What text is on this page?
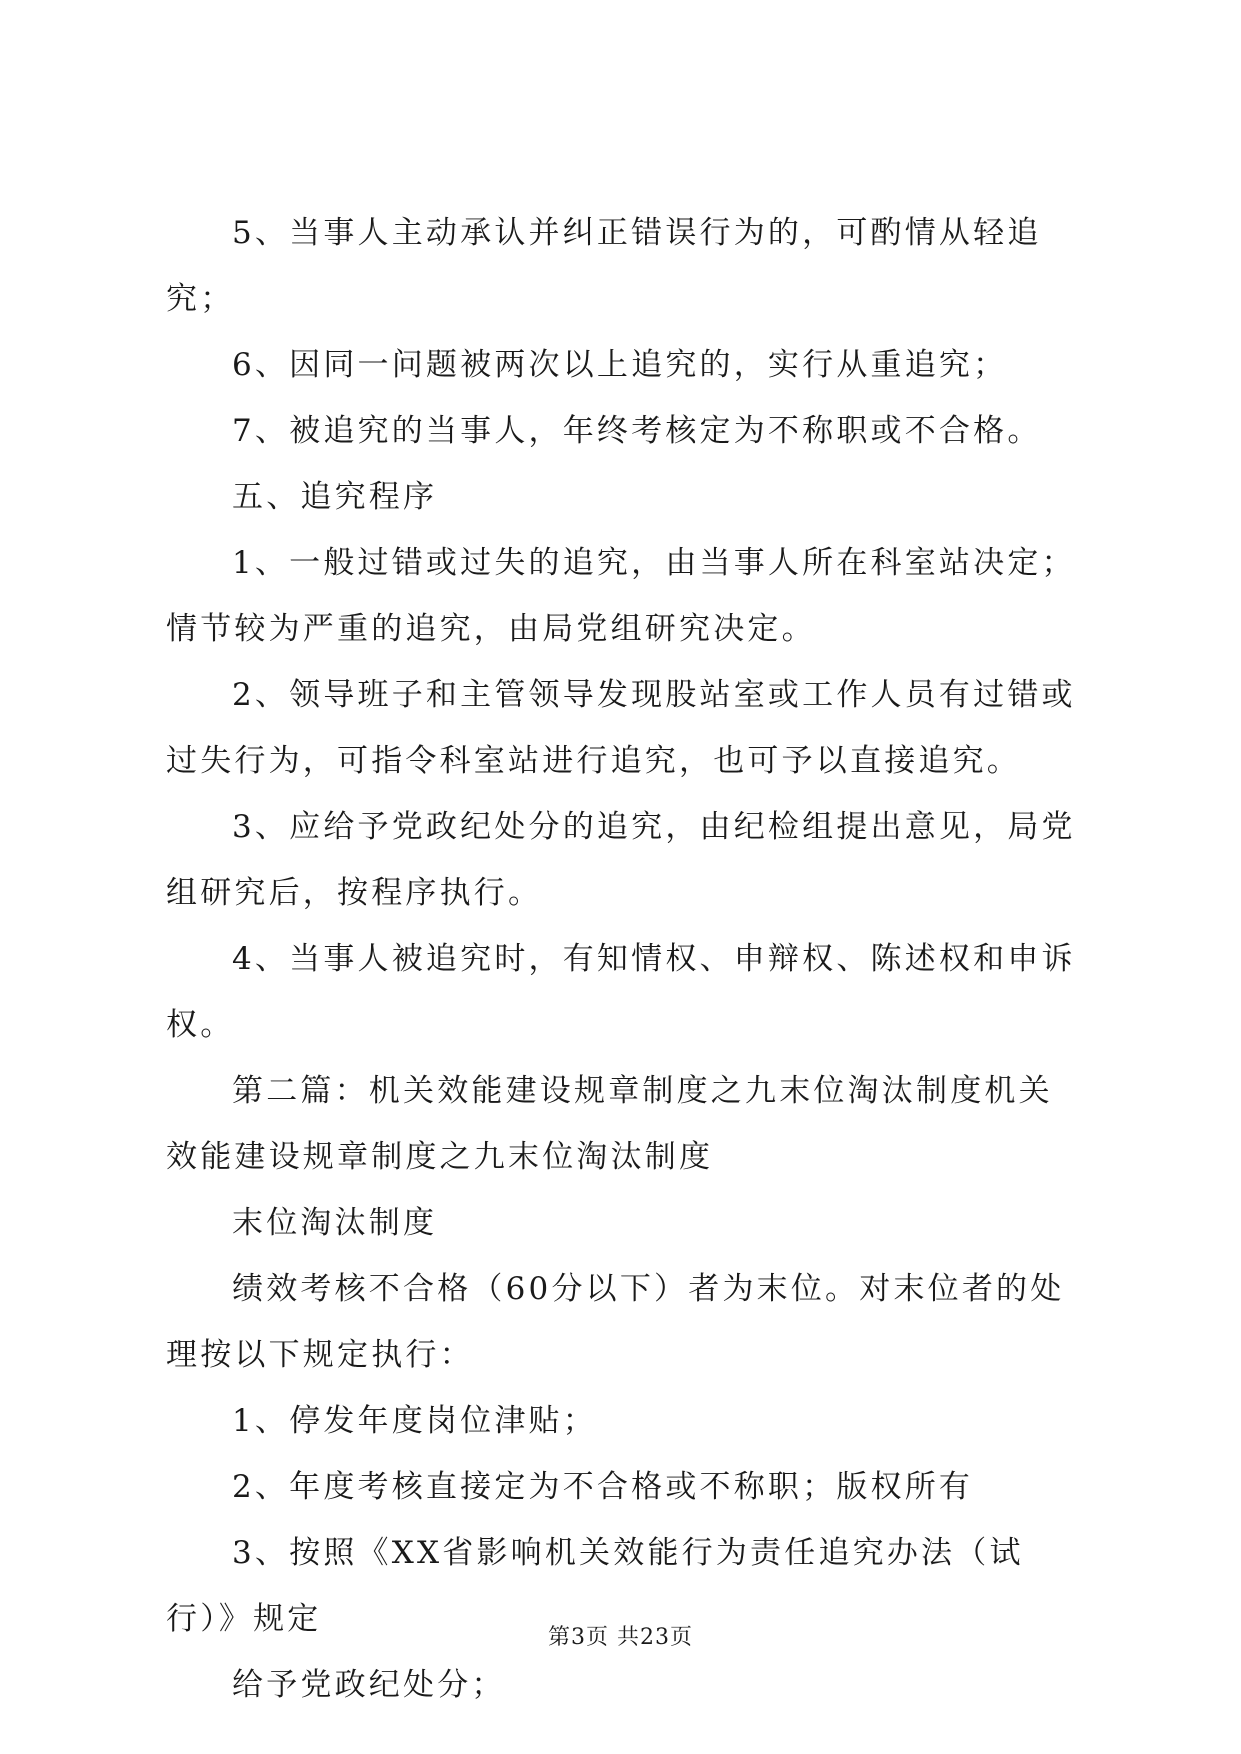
5、当事人主动承认并纠正错误行为的，可酌情从轻追究；

6、因同一问题被两次以上追究的，实行从重追究；

7、被追究的当事人，年终考核定为不称职或不合格。

五、追究程序

1、一般过错或过失的追究，由当事人所在科室站决定；情节较为严重的追究，由局党组研究决定。

2、领导班子和主管领导发现股站室或工作人员有过错或过失行为，可指令科室站进行追究，也可予以直接追究。

3、应给予党政纪处分的追究，由纪检组提出意见，局党组研究后，按程序执行。

4、当事人被追究时，有知情权、申辩权、陈述权和申诉权。

第二篇：机关效能建设规章制度之九末位淘汰制度机关效能建设规章制度之九末位淘汰制度

末位淘汰制度

绩效考核不合格（60分以下）者为末位。对末位者的处理按以下规定执行：

1、停发年度岗位津贴；

2、年度考核直接定为不合格或不称职；版权所有

3、按照《XX省影响机关效能行为责任追究办法（试行）》规定

给予党政纪处分；

第3页 共23页
